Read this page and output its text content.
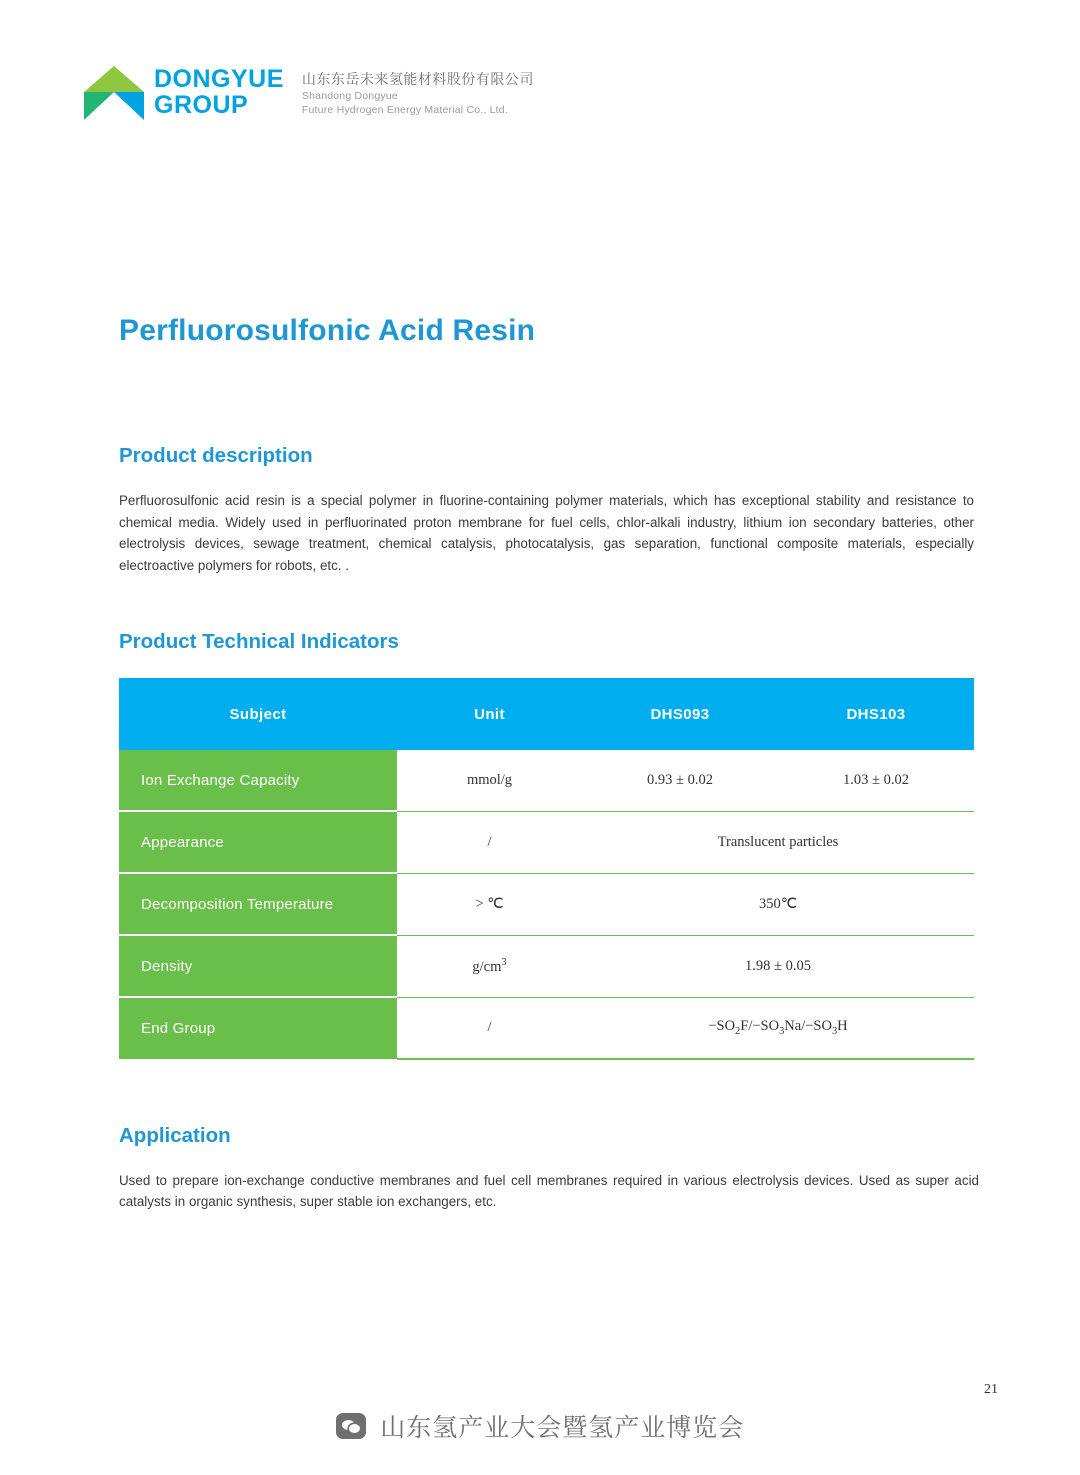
DONGYUE
GROUP
山东东岳未来氢能材料股份有限公司
Shandong Dongyue
Future Hydrogen Energy Material Co., Ltd.
Perfluorosulfonic Acid Resin
Product description

Perfluorosulfonic acid resin is a special polymer in fluorine-containing polymer materials, which has exceptional stability and resistance to chemical media. Widely used in perfluorinated proton membrane for fuel cells, chlor-alkali industry, lithium ion secondary batteries, other electrolysis devices, sewage treatment, chemical catalysis, photocatalysis, gas separation, functional composite materials, especially electroactive polymers for robots, etc. .

Product Technical Indicators
Subject	Unit	DHS093	DHS103
Ion Exchange Capacity	mmol/g	0.93 ± 0.02	1.03 ± 0.02
Appearance	/	Translucent particles	
Decomposition Temperature	> ℃	350℃	
Density	$g/cm^3$	1.98 ± 0.05	
End Group	/	$-SO_2F/-SO_3Na/-SO_3H$	
Application

Used to prepare ion-exchange conductive membranes and fuel cell membranes required in various electrolysis devices. Used as super acid catalysts in organic synthesis, super stable ion exchangers, etc.

21
山东氢产业大会暨氢产业博览会
